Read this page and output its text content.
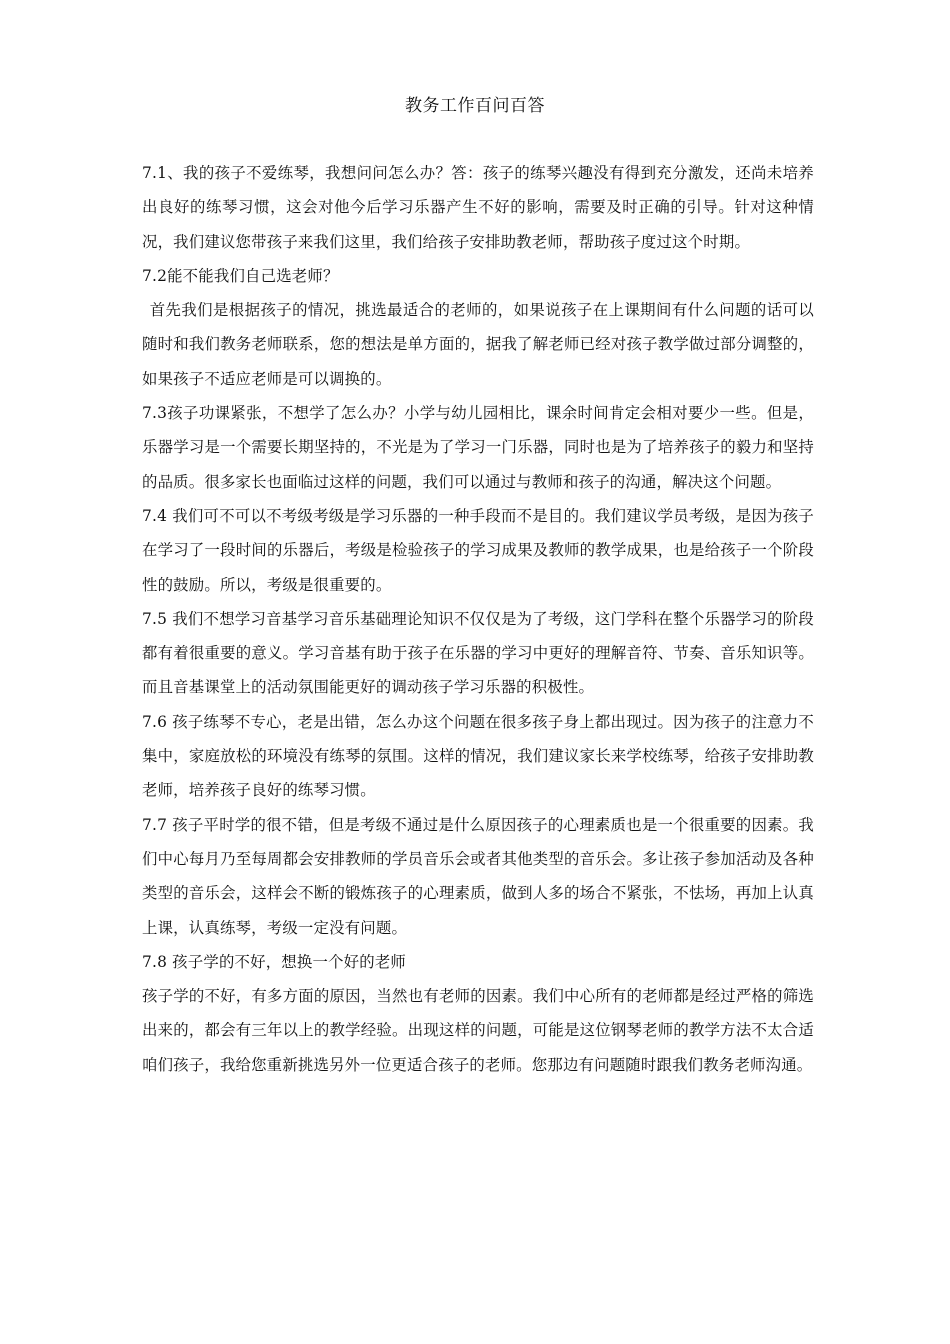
教务工作百问百答

7.1、我的孩子不爱练琴，我想问问怎么办？答：孩子的练琴兴趣没有得到充分激发，还尚未培养出良好的练琴习惯，这会对他今后学习乐器产生不好的影响，需要及时正确的引导。针对这种情况，我们建议您带孩子来我们这里，我们给孩子安排助教老师，帮助孩子度过这个时期。

7.2能不能我们自己选老师？

首先我们是根据孩子的情况，挑选最适合的老师的，如果说孩子在上课期间有什么问题的话可以随时和我们教务老师联系，您的想法是单方面的，据我了解老师已经对孩子教学做过部分调整的，如果孩子不适应老师是可以调换的。

7.3孩子功课紧张，不想学了怎么办？小学与幼儿园相比，课余时间肯定会相对要少一些。但是，乐器学习是一个需要长期坚持的，不光是为了学习一门乐器，同时也是为了培养孩子的毅力和坚持的品质。很多家长也面临过这样的问题，我们可以通过与教师和孩子的沟通，解决这个问题。

7.4 我们可不可以不考级考级是学习乐器的一种手段而不是目的。我们建议学员考级，是因为孩子在学习了一段时间的乐器后，考级是检验孩子的学习成果及教师的教学成果，也是给孩子一个阶段性的鼓励。所以，考级是很重要的。

7.5 我们不想学习音基学习音乐基础理论知识不仅仅是为了考级，这门学科在整个乐器学习的阶段都有着很重要的意义。学习音基有助于孩子在乐器的学习中更好的理解音符、节奏、音乐知识等。而且音基课堂上的活动氛围能更好的调动孩子学习乐器的积极性。

7.6 孩子练琴不专心，老是出错，怎么办这个问题在很多孩子身上都出现过。因为孩子的注意力不集中，家庭放松的环境没有练琴的氛围。这样的情况，我们建议家长来学校练琴，给孩子安排助教老师，培养孩子良好的练琴习惯。

7.7 孩子平时学的很不错，但是考级不通过是什么原因孩子的心理素质也是一个很重要的因素。我们中心每月乃至每周都会安排教师的学员音乐会或者其他类型的音乐会。多让孩子参加活动及各种类型的音乐会，这样会不断的锻炼孩子的心理素质，做到人多的场合不紧张，不怯场，再加上认真上课，认真练琴，考级一定没有问题。

7.8 孩子学的不好，想换一个好的老师

孩子学的不好，有多方面的原因，当然也有老师的因素。我们中心所有的老师都是经过严格的筛选出来的，都会有三年以上的教学经验。出现这样的问题，可能是这位钢琴老师的教学方法不太合适咱们孩子，我给您重新挑选另外一位更适合孩子的老师。您那边有问题随时跟我们教务老师沟通。
